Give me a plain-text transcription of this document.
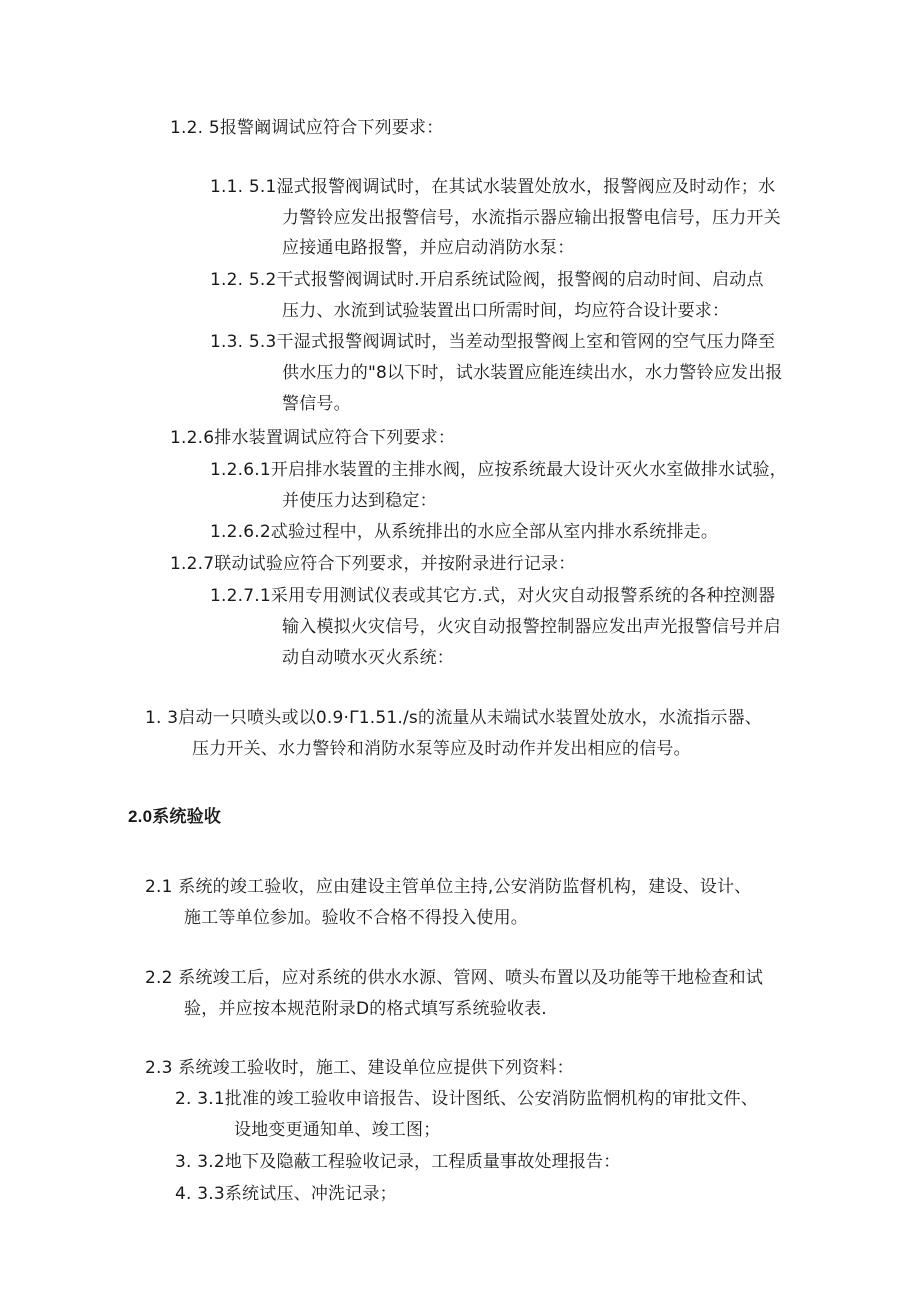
1.2. 5报警阚调试应符合下列要求：
1.1. 5.1湿式报警阀调试时，在其试水装置处放水，报警阀应及时动作；水
力警铃应发出报警信号，水流指示器应输出报警电信号，压力开关
应接通电路报警，并应启动消防水泵：
1.2. 5.2干式报警阀调试时.开启系统试险阀，报警阀的启动时间、启动点
压力、水流到试验装置出口所需时间，均应符合设计要求：
1.3. 5.3干湿式报警阀调试时，当差动型报警阀上室和管网的空气压力降至
供水压力的"8以下时，试水装置应能连续出水，水力警铃应发出报
警信号。
1.2.6排水装置调试应符合下列要求：
1.2.6.1开启排水装置的主排水阀，应按系统最大设计灭火水室做排水试验，
并使压力达到稳定：
1.2.6.2忒验过程中，从系统排出的水应全部从室内排水系统排走。
1.2.7联动试验应符合下列要求，并按附录进行记录：
1.2.7.1采用专用测试仪表或其它方.式，对火灾自动报警系统的各种控测器
输入模拟火灾信号，火灾自动报警控制器应发出声光报警信号并启
动自动喷水灭火系统：
1. 3启动一只喷头或以0.9·Γ1.51./s的流量从未端试水装置处放水，水流指示器、
压力开关、水力警铃和消防水泵等应及时动作并发出相应的信号。
2.0系统验收
2.1 系统的竣工验收，应由建设主管单位主持,公安消防监督机构，建设、设计、
施工等单位参加。验收不合格不得投入使用。
2.2 系统竣工后，应对系统的供水水源、管网、喷头布置以及功能等干地检查和试
验，并应按本规范附录D的格式填写系统验收表.
2.3 系统竣工验收时，施工、建设单位应提供下列资料：
2. 3.1批准的竣工验收申谙报告、设计图纸、公安消防监惘机构的审批文件、
设地变更通知单、竣工图；
3. 3.2地下及隐蔽工程验收记录，工程质量事故处理报告：
4. 3.3系统试压、冲洗记录；
